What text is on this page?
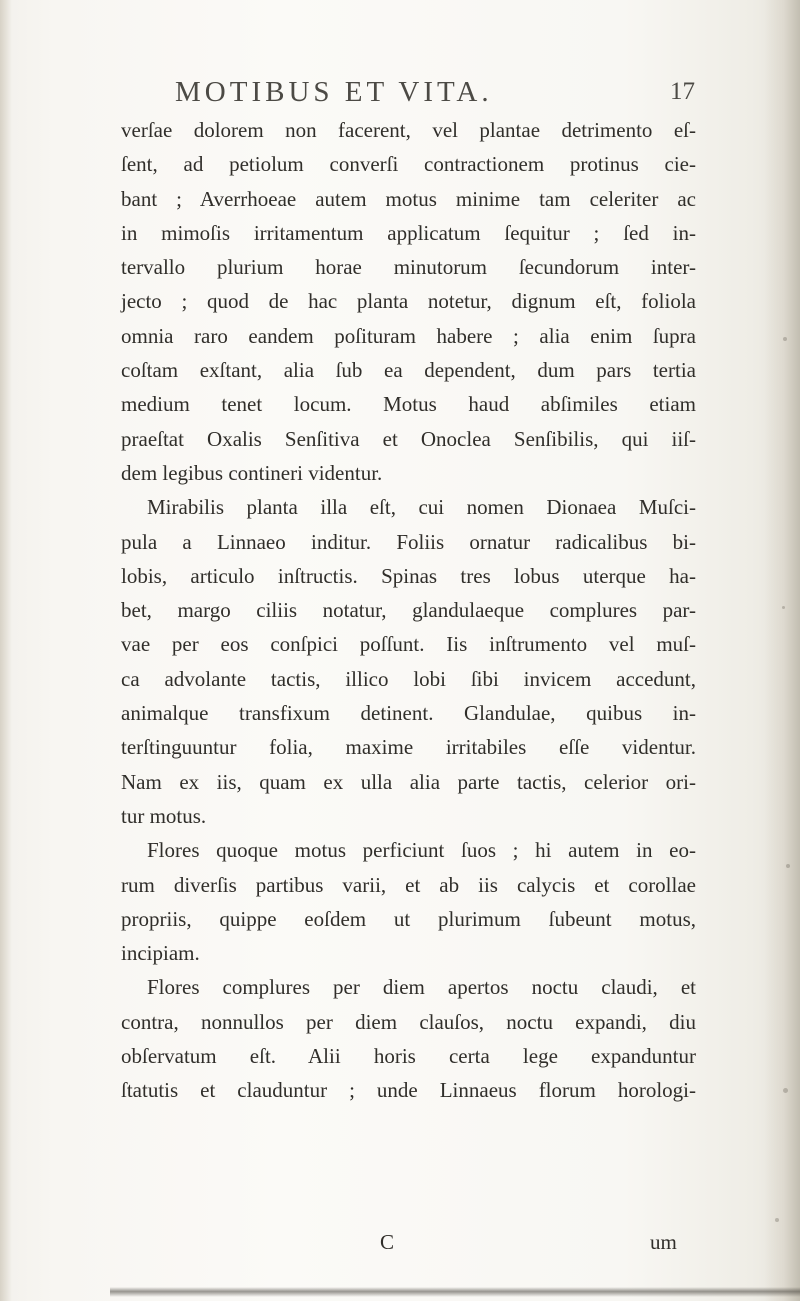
MOTIBUS ET VITA.	17
verſae dolorem non facerent, vel plantae detrimento eſ-
ſent, ad petiolum converſi contractionem protinus cie-
bant ; Averrhoeae autem motus minime tam celeriter ac
in mimoſis irritamentum applicatum ſequitur ; ſed in-
tervallo plurium horae minutorum ſecundorum inter-
jecto ; quod de hac planta notetur, dignum eſt, foliola
omnia raro eandem poſituram habere ; alia enim ſupra
coſtam exſtant, alia ſub ea dependent, dum pars tertia
medium tenet locum. Motus haud abſimiles etiam
praeſtat Oxalis Senſitiva et Onoclea Senſibilis, qui iiſ-
dem legibus contineri videntur.
Mirabilis planta illa eſt, cui nomen Dionaea Muſci-
pula a Linnaeo inditur. Foliis ornatur radicalibus bi-
lobis, articulo inſtructis. Spinas tres lobus uterque ha-
bet, margo ciliis notatur, glandulaeque complures par-
vae per eos conſpici poſſunt. Iis inſtrumento vel muſ-
ca advolante tactis, illico lobi ſibi invicem accedunt,
animalque transfixum detinent. Glandulae, quibus in-
terſtinguuntur folia, maxime irritabiles eſſe videntur.
Nam ex iis, quam ex ulla alia parte tactis, celerior ori-
tur motus.
Flores quoque motus perficiunt ſuos ; hi autem in eo-
rum diverſis partibus varii, et ab iis calycis et corollae
propriis, quippe eoſdem ut plurimum ſubeunt motus,
incipiam.
Flores complures per diem apertos noctu claudi, et
contra, nonnullos per diem clauſos, noctu expandi, diu
obſervatum eſt. Alii horis certa lege expanduntur
ſtatutis et clauduntur ; unde Linnaeus florum horologi-
C	um
